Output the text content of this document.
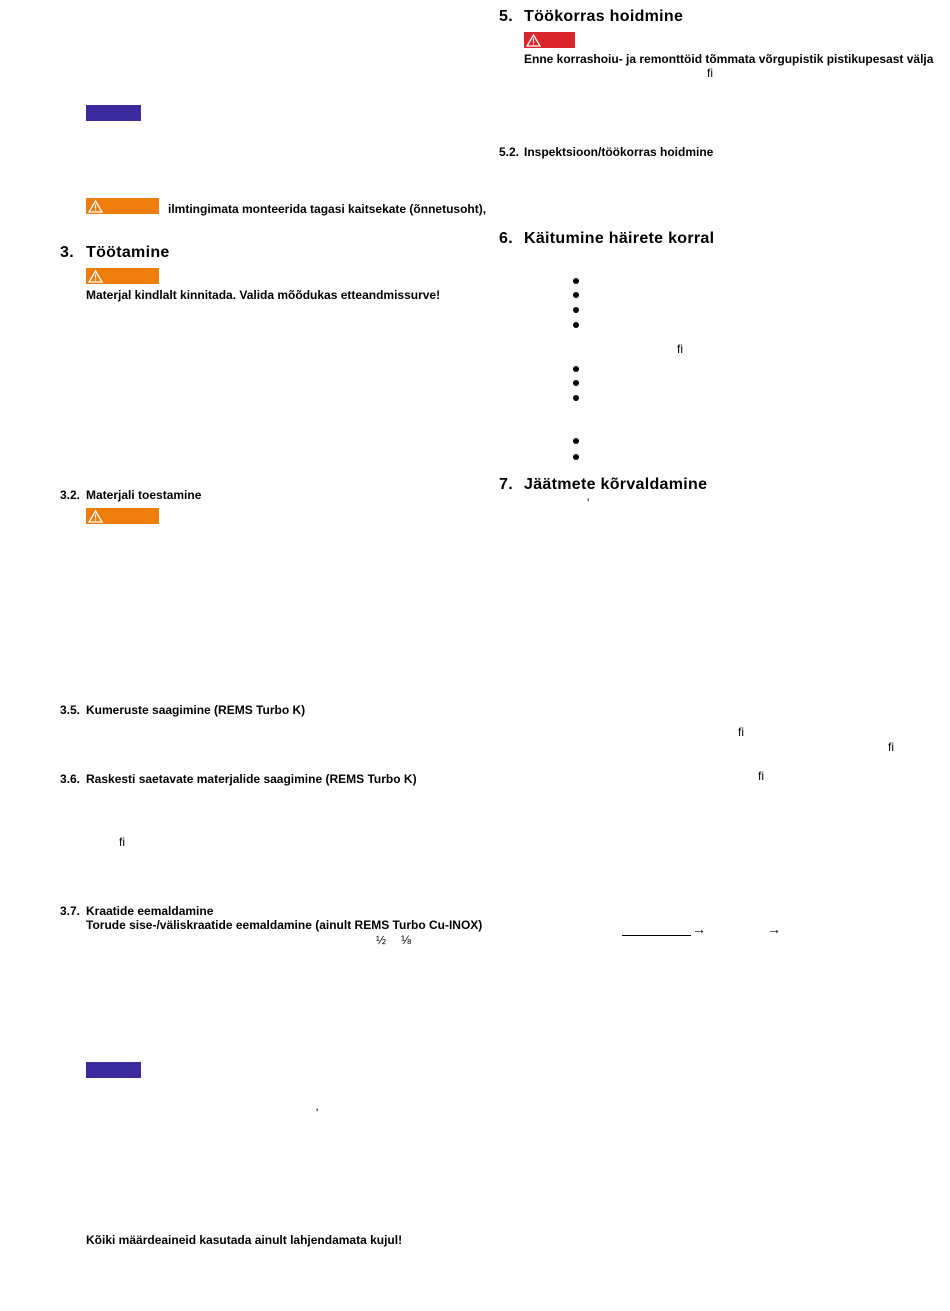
ilmtingimata monteerida tagasi kaitsekate (õnnetusoht),
3. Töötamine
Materjal kindlalt kinnitada. Valida mõõdukas etteandmissurve!
3.2. Materjali toestamine
3.5. Kumeruste saagimine (REMS Turbo K)
3.6. Raskesti saetavate materjalide saagimine (REMS Turbo K)
fi
3.7. Kraatide eemaldamine
Torude sise-/väliskraatide eemaldamine (ainult REMS Turbo Cu-INOX)
½ ⅛
'
Kõiki määrdeaineid kasutada ainult lahjendamata kujul!
5. Töökorras hoidmine
Enne korrashoiu- ja remonttöid tõmmata võrgupistik pistikupesast välja
fi
5.2. Inspektsioon/töökorras hoidmine
6. Käitumine häirete korral
fi
7. Jäätmete kõrvaldamine
'
fi
fi
fi
→	→
